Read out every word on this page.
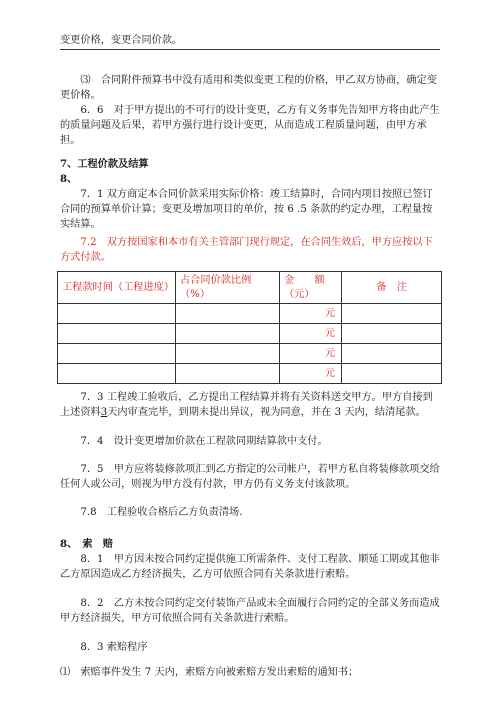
变更价格，变更合同价款。

⑶　合同附件预算书中没有适用和类似变更工程的价格，甲乙双方协商，确定变更价格。

6．6　对于甲方提出的不可行的设计变更，乙方有义务事先告知甲方将由此产生的质量问题及后果，若甲方强行进行设计变更，从而造成工程质量问题，由甲方承担。

7、工程价款及结算

8、

7．1 双方商定本合同价款采用实际价格：竣工结算时，合同内项目按照已签订合同的预算单价计算；变更及增加项目的单价，按 6 .5 条款的约定办理，工程量按实结算。

7.2　双方按国家和本市有关主管部门现行规定，在合同生效后，甲方应按以下方式付款。

工程款时间（工程进度）	占合同价款比例（%）	金　　额（元）	备　注
		元	
		元	
		元	
		元	

7．3 工程竣工验收后，乙方提出工程结算并将有关资料送交甲方。甲方自接到上述资料3天内审查完毕，到期未提出异议，视为同意，并在 3 天内，结清尾款。

7．4　设计变更增加价款在工程款同期结算款中支付。

7．5　甲方应将装修款项汇到乙方指定的公司帐户，若甲方私自将装修款项交给任何人或公司，则视为甲方没有付款，甲方仍有义务支付该款项。

7.8　工程验收合格后乙方负责清场.

8、　索　赔

8．1　甲方因未按合同约定提供施工所需条件、支付工程款、顺延工期或其他非乙方原因造成乙方经济损失，乙方可依照合同有关条款进行索赔。

8．2　乙方未按合同约定交付装饰产品或未全面履行合同约定的全部义务而造成甲方经济损失，甲方可依照合同有关条款进行索赔。

8．3 索赔程序

⑴　索赔事件发生 7 天内，索赔方向被索赔方发出索赔的通知书；
